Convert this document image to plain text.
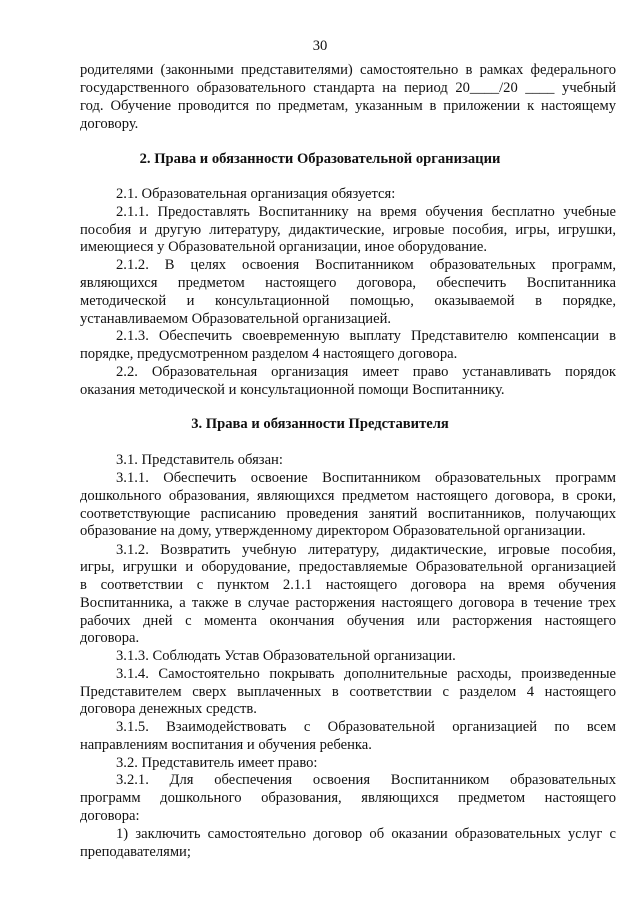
30
родителями (законными представителями) самостоятельно в рамках федерального
государственного образовательного стандарта на период 20____/20 ____ учебный
год. Обучение проводится по предметам, указанным в приложении к настоящему
договору.
2. Права и обязанности Образовательной организации
2.1. Образовательная организация обязуется:
2.1.1. Предоставлять Воспитаннику на время обучения бесплатно учебные
пособия и другую литературу, дидактические, игровые пособия, игры, игрушки,
имеющиеся у Образовательной организации, иное оборудование.
2.1.2. В целях освоения Воспитанником образовательных программ,
являющихся предметом настоящего договора, обеспечить Воспитанника
методической и консультационной помощью, оказываемой в порядке,
устанавливаемом Образовательной организацией.
2.1.3. Обеспечить своевременную выплату Представителю компенсации в
порядке, предусмотренном разделом 4 настоящего договора.
2.2. Образовательная организация имеет право устанавливать порядок
оказания методической и консультационной помощи Воспитаннику.
3. Права и обязанности Представителя
3.1. Представитель обязан:
3.1.1. Обеспечить освоение Воспитанником образовательных программ
дошкольного образования, являющихся предметом настоящего договора, в сроки,
соответствующие расписанию проведения занятий воспитанников, получающих
образование на дому, утвержденному директором Образовательной организации.
3.1.2. Возвратить учебную литературу, дидактические, игровые пособия,
игры, игрушки и оборудование, предоставляемые Образовательной организацией
в соответствии с пунктом 2.1.1 настоящего договора на время обучения
Воспитанника, а также в случае расторжения настоящего договора в течение трех
рабочих дней с момента окончания обучения или расторжения настоящего
договора.
3.1.3. Соблюдать Устав Образовательной организации.
3.1.4. Самостоятельно покрывать дополнительные расходы, произведенные
Представителем сверх выплаченных в соответствии с разделом 4 настоящего
договора денежных средств.
3.1.5. Взаимодействовать с Образовательной организацией по всем
направлениям воспитания и обучения ребенка.
3.2. Представитель имеет право:
3.2.1. Для обеспечения освоения Воспитанником образовательных
программ дошкольного образования, являющихся предметом настоящего
договора:
1) заключить самостоятельно договор об оказании образовательных услуг с
преподавателями;
